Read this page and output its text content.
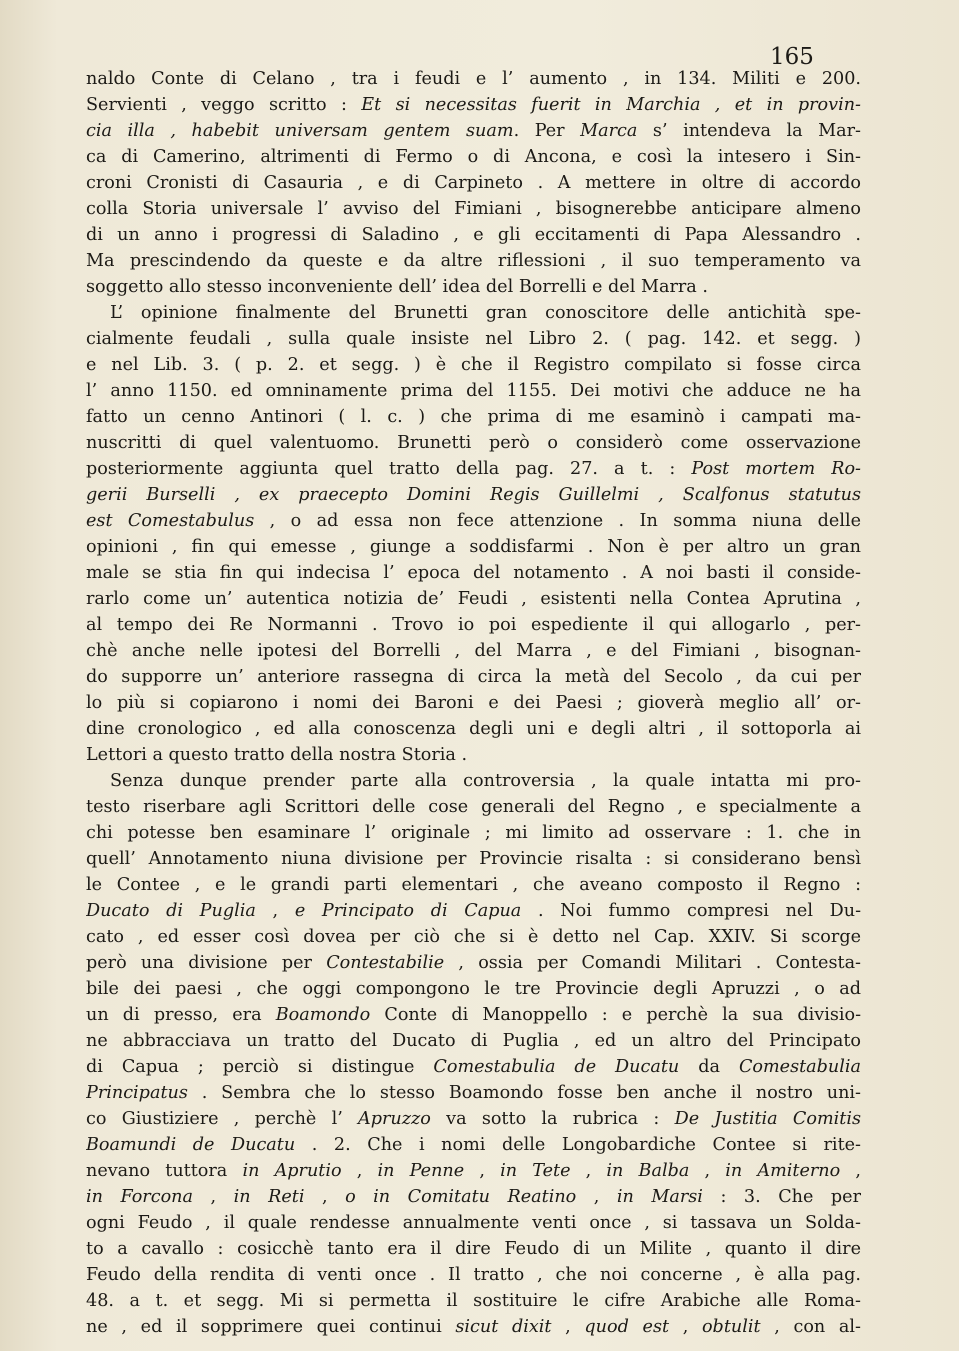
165
naldo Conte di Celano , tra i feudi e l’ aumento , in 134. Militi e 200.
Servienti , veggo scritto : Et si necessitas fuerit in Marchia , et in provin-
cia illa , habebit universam gentem suam. Per Marca s’ intendeva la Mar-
ca di Camerino, altrimenti di Fermo o di Ancona, e così la intesero i Sin-
croni Cronisti di Casauria , e di Carpineto . A mettere in oltre di accordo
colla Storia universale l’ avviso del Fimiani , bisognerebbe anticipare almeno
di un anno i progressi di Saladino , e gli eccitamenti di Papa Alessandro .
Ma prescindendo da queste e da altre riflessioni , il suo temperamento va
soggetto allo stesso inconveniente dell’ idea del Borrelli e del Marra .
L’ opinione finalmente del Brunetti gran conoscitore delle antichità spe-
cialmente feudali , sulla quale insiste nel Libro 2. ( pag. 142. et segg. )
e nel Lib. 3. ( p. 2. et segg. ) è che il Registro compilato si fosse circa
l’ anno 1150. ed omninamente prima del 1155. Dei motivi che adduce ne ha
fatto un cenno Antinori ( l. c. ) che prima di me esaminò i campati ma-
nuscritti di quel valentuomo. Brunetti però o considerò come osservazione
posteriormente aggiunta quel tratto della pag. 27. a t. : Post mortem Ro-
gerii Burselli , ex praecepto Domini Regis Guillelmi , Scalfonus statutus
est Comestabulus , o ad essa non fece attenzione . In somma niuna delle
opinioni , fin qui emesse , giunge a soddisfarmi . Non è per altro un gran
male se stia fin qui indecisa l’ epoca del notamento . A noi basti il conside-
rarlo come un’ autentica notizia de’ Feudi , esistenti nella Contea Aprutina ,
al tempo dei Re Normanni . Trovo io poi espediente il qui allogarlo , per-
chè anche nelle ipotesi del Borrelli , del Marra , e del Fimiani , bisognan-
do supporre un’ anteriore rassegna di circa la metà del Secolo , da cui per
lo più si copiarono i nomi dei Baroni e dei Paesi ; gioverà meglio all’ or-
dine cronologico , ed alla conoscenza degli uni e degli altri , il sottoporla ai
Lettori a questo tratto della nostra Storia .
Senza dunque prender parte alla controversia , la quale intatta mi pro-
testo riserbare agli Scrittori delle cose generali del Regno , e specialmente a
chi potesse ben esaminare l’ originale ; mi limito ad osservare : 1. che in
quell’ Annotamento niuna divisione per Provincie risalta : si considerano bensì
le Contee , e le grandi parti elementari , che aveano composto il Regno :
Ducato di Puglia , e Principato di Capua . Noi fummo compresi nel Du-
cato , ed esser così dovea per ciò che si è detto nel Cap. XXIV. Si scorge
però una divisione per Contestabilie , ossia per Comandi Militari . Contesta-
bile dei paesi , che oggi compongono le tre Provincie degli Apruzzi , o ad
un di presso, era Boamondo Conte di Manoppello : e perchè la sua divisio-
ne abbracciava un tratto del Ducato di Puglia , ed un altro del Principato
di Capua ; perciò si distingue Comestabulia de Ducatu da Comestabulia
Principatus . Sembra che lo stesso Boamondo fosse ben anche il nostro uni-
co Giustiziere , perchè l’ Apruzzo va sotto la rubrica : De Justitia Comitis
Boamundi de Ducatu . 2. Che i nomi delle Longobardiche Contee si rite-
nevano tuttora in Aprutio , in Penne , in Tete , in Balba , in Amiterno ,
in Forcona , in Reti , o in Comitatu Reatino , in Marsi : 3. Che per
ogni Feudo , il quale rendesse annualmente venti once , si tassava un Solda-
to a cavallo : cosicchè tanto era il dire Feudo di un Milite , quanto il dire
Feudo della rendita di venti once . Il tratto , che noi concerne , è alla pag.
48. a t. et segg. Mi si permetta il sostituire le cifre Arabiche alle Roma-
ne , ed il sopprimere quei continui sicut dixit , quod est , obtulit , con al-
